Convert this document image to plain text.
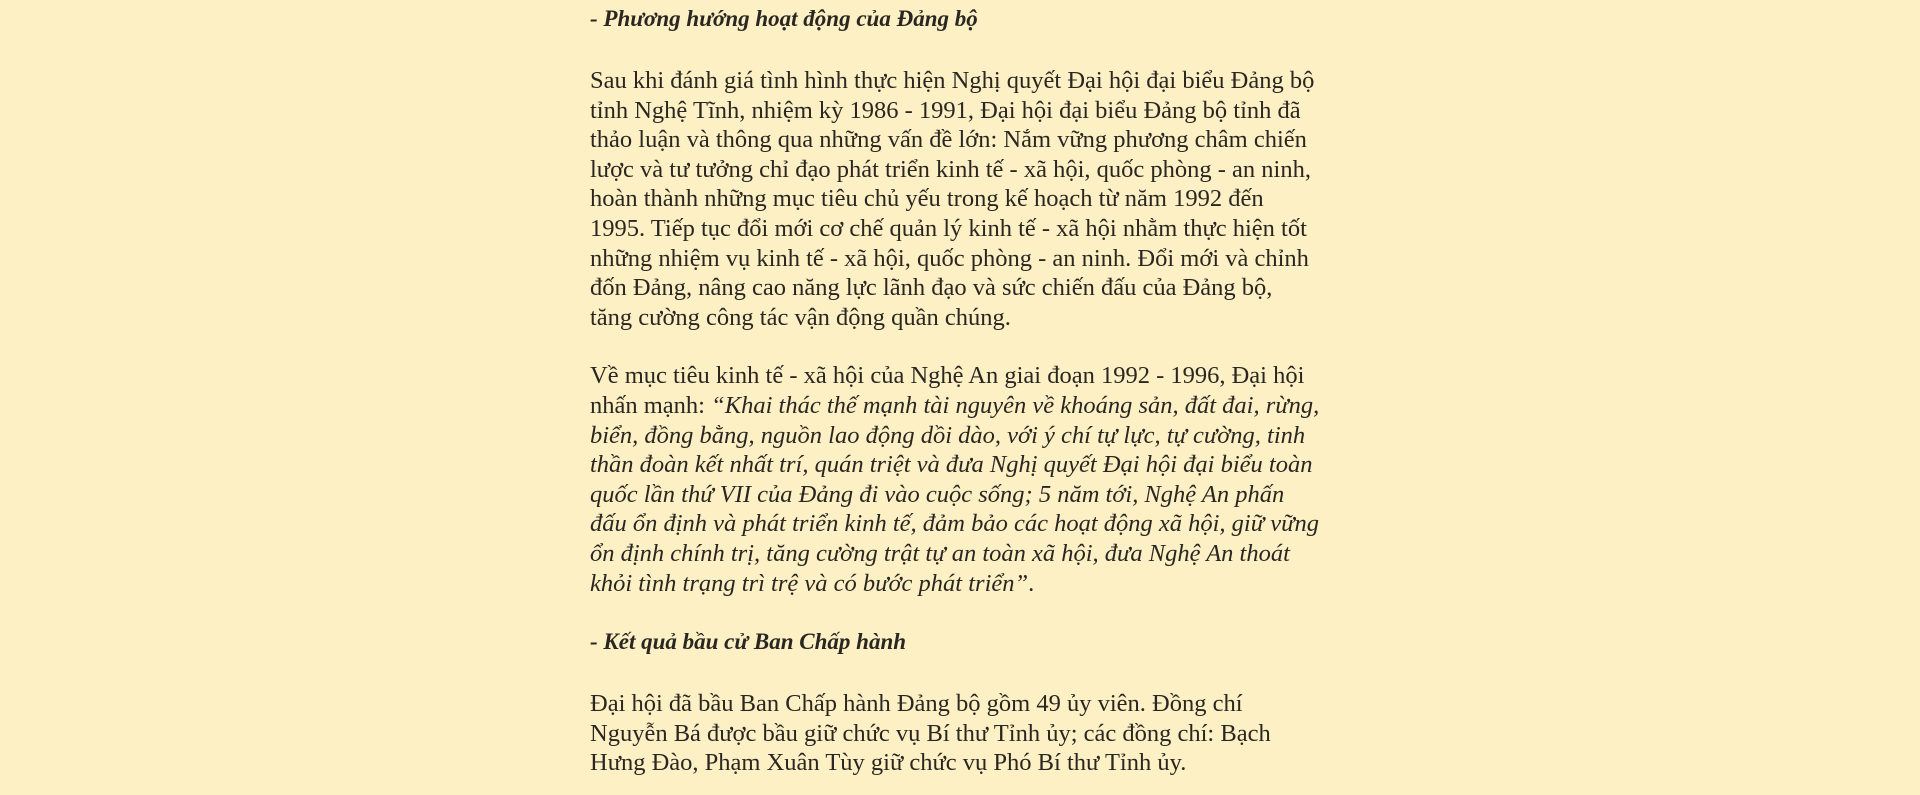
- Phương hướng hoạt động của Đảng bộ

Sau khi đánh giá tình hình thực hiện Nghị quyết Đại hội đại biểu Đảng bộ
tỉnh Nghệ Tĩnh, nhiệm kỳ 1986 - 1991, Đại hội đại biểu Đảng bộ tỉnh đã
thảo luận và thông qua những vấn đề lớn: Nắm vững phương châm chiến
lược và tư tưởng chỉ đạo phát triển kinh tế - xã hội, quốc phòng - an ninh,
hoàn thành những mục tiêu chủ yếu trong kế hoạch từ năm 1992 đến
1995. Tiếp tục đổi mới cơ chế quản lý kinh tế - xã hội nhằm thực hiện tốt
những nhiệm vụ kinh tế - xã hội, quốc phòng - an ninh. Đổi mới và chỉnh
đốn Đảng, nâng cao năng lực lãnh đạo và sức chiến đấu của Đảng bộ,
tăng cường công tác vận động quần chúng.
Về mục tiêu kinh tế - xã hội của Nghệ An giai đoạn 1992 - 1996, Đại hội
nhấn mạnh: “Khai thác thế mạnh tài nguyên về khoáng sản, đất đai, rừng,
biển, đồng bằng, nguồn lao động dồi dào, với ý chí tự lực, tự cường, tinh
thần đoàn kết nhất trí, quán triệt và đưa Nghị quyết Đại hội đại biểu toàn
quốc lần thứ VII của Đảng đi vào cuộc sống; 5 năm tới, Nghệ An phấn
đấu ổn định và phát triển kinh tế, đảm bảo các hoạt động xã hội, giữ vững
ổn định chính trị, tăng cường trật tự an toàn xã hội, đưa Nghệ An thoát
khỏi tình trạng trì trệ và có bước phát triển”.

- Kết quả bầu cử Ban Chấp hành

Đại hội đã bầu Ban Chấp hành Đảng bộ gồm 49 ủy viên. Đồng chí
Nguyễn Bá được bầu giữ chức vụ Bí thư Tỉnh ủy; các đồng chí: Bạch
Hưng Đào, Phạm Xuân Tùy giữ chức vụ Phó Bí thư Tỉnh ủy.
